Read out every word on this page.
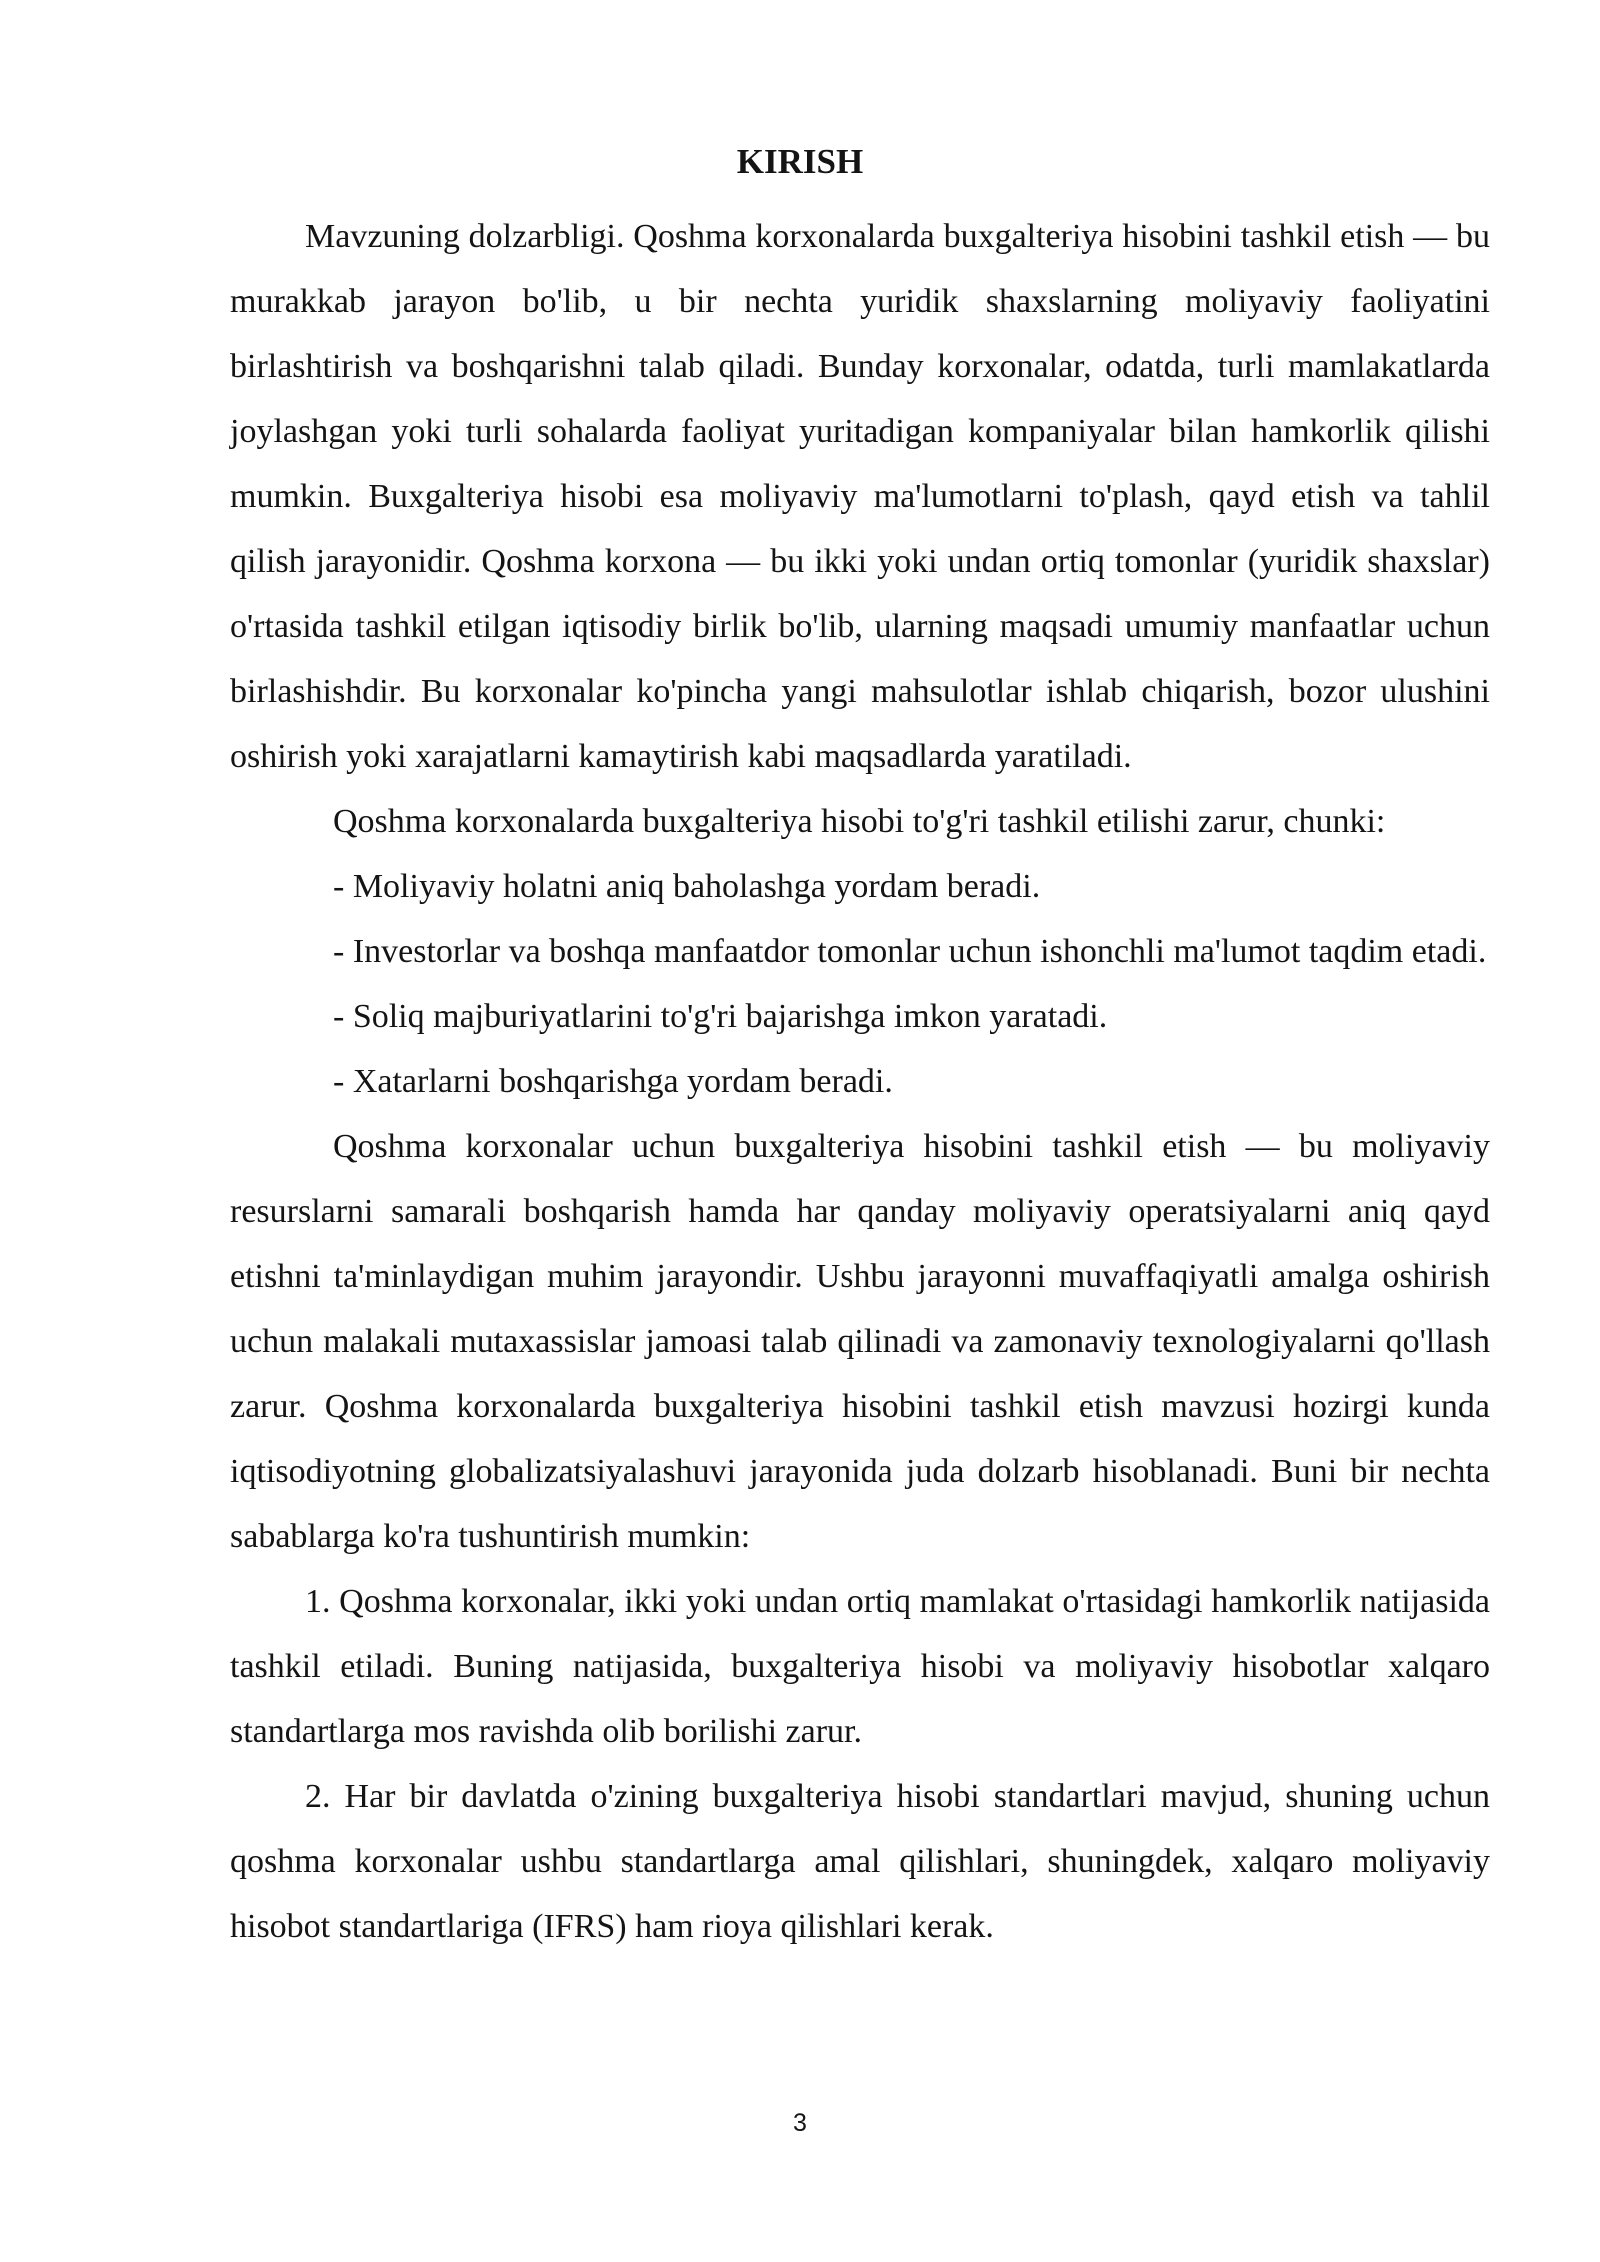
KIRISH

Mavzuning dolzarbligi. Qoshma korxonalarda buxgalteriya hisobini tashkil etish — bu murakkab jarayon bo'lib, u bir nechta yuridik shaxslarning moliyaviy faoliyatini birlashtirish va boshqarishni talab qiladi. Bunday korxonalar, odatda, turli mamlakatlarda joylashgan yoki turli sohalarda faoliyat yuritadigan kompaniyalar bilan hamkorlik qilishi mumkin. Buxgalteriya hisobi esa moliyaviy ma'lumotlarni to'plash, qayd etish va tahlil qilish jarayonidir. Qoshma korxona — bu ikki yoki undan ortiq tomonlar (yuridik shaxslar) o'rtasida tashkil etilgan iqtisodiy birlik bo'lib, ularning maqsadi umumiy manfaatlar uchun birlashishdir. Bu korxonalar ko'pincha yangi mahsulotlar ishlab chiqarish, bozor ulushini oshirish yoki xarajatlarni kamaytirish kabi maqsadlarda yaratiladi.

Qoshma korxonalarda buxgalteriya hisobi to'g'ri tashkil etilishi zarur, chunki:

- Moliyaviy holatni aniq baholashga yordam beradi.

- Investorlar va boshqa manfaatdor tomonlar uchun ishonchli ma'lumot taqdim etadi.

- Soliq majburiyatlarini to'g'ri bajarishga imkon yaratadi.

- Xatarlarni boshqarishga yordam beradi.

Qoshma korxonalar uchun buxgalteriya hisobini tashkil etish — bu moliyaviy resurslarni samarali boshqarish hamda har qanday moliyaviy operatsiyalarni aniq qayd etishni ta'minlaydigan muhim jarayondir. Ushbu jarayonni muvaffaqiyatli amalga oshirish uchun malakali mutaxassislar jamoasi talab qilinadi va zamonaviy texnologiyalarni qo'llash zarur. Qoshma korxonalarda buxgalteriya hisobini tashkil etish mavzusi hozirgi kunda iqtisodiyotning globalizatsiyalashuvi jarayonida juda dolzarb hisoblanadi. Buni bir nechta sabablarga ko'ra tushuntirish mumkin:

1. Qoshma korxonalar, ikki yoki undan ortiq mamlakat o'rtasidagi hamkorlik natijasida tashkil etiladi. Buning natijasida, buxgalteriya hisobi va moliyaviy hisobotlar xalqaro standartlarga mos ravishda olib borilishi zarur.

2. Har bir davlatda o'zining buxgalteriya hisobi standartlari mavjud, shuning uchun qoshma korxonalar ushbu standartlarga amal qilishlari, shuningdek, xalqaro moliyaviy hisobot standartlariga (IFRS) ham rioya qilishlari kerak.

3
